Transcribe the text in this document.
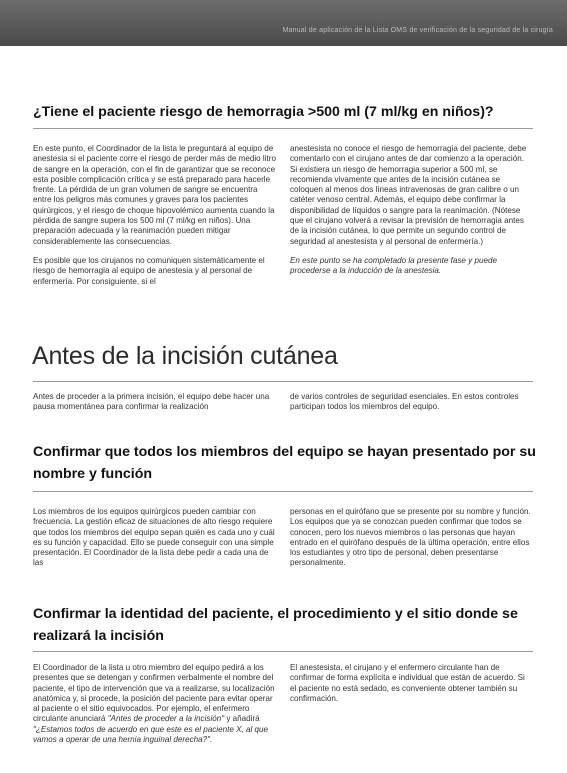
Manual de aplicación de la Lista OMS de verificación de la seguridad de la cirugía
¿Tiene el paciente riesgo de hemorragia >500 ml (7 ml/kg en niños)?

En este punto, el Coordinador de la lista le preguntará al equipo de anestesia si el paciente corre el riesgo de perder más de medio litro de sangre en la operación, con el fin de garantizar que se reconoce esta posible complicación crítica y se está preparado para hacerle frente. La pérdida de un gran volumen de sangre se encuentra entre los peligros más comunes y graves para los pacientes quirúrgicos, y el riesgo de choque hipovolémico aumenta cuando la pérdida de sangre supera los 500 ml (7 ml/kg en niños). Una preparación adecuada y la reanimación pueden mitigar considerablemente las consecuencias.

Es posible que los cirujanos no comuniquen sistemáticamente el riesgo de hemorragia al equipo de anestesia y al personal de enfermería. Por consiguiente, si el

anestesista no conoce el riesgo de hemorragia del paciente, debe comentarlo con el cirujano antes de dar comienzo a la operación. Si existiera un riesgo de hemorragia superior a 500 ml, se recomienda vivamente que antes de la incisión cutánea se coloquen al menos dos líneas intravenosas de gran calibre o un catéter venoso central. Además, el equipo debe confirmar la disponibilidad de líquidos o sangre para la reanimación. (Nótese que el cirujano volverá a revisar la previsión de hemorragia antes de la incisión cutánea, lo que permite un segundo control de seguridad al anestesista y al personal de enfermería.)

En este punto se ha completado la presente fase y puede procederse a la inducción de la anestesia.

Antes de la incisión cutánea

Antes de proceder a la primera incisión, el equipo debe hacer una pausa momentánea para confirmar la realización

de varios controles de seguridad esenciales. En estos controles participan todos los miembros del equipo.

Confirmar que todos los miembros del equipo se hayan presentado por su
nombre y función

Los miembros de los equipos quirúrgicos pueden cambiar con frecuencia. La gestión eficaz de situaciones de alto riesgo requiere que todos los miembros del equipo sepan quién es cada uno y cuál es su función y capacidad. Ello se puede conseguir con una simple presentación. El Coordinador de la lista debe pedir a cada una de las

personas en el quirófano que se presente por su nombre y función. Los equipos que ya se conozcan pueden confirmar que todos se conocen, pero los nuevos miembros o las personas que hayan entrado en el quirófano después de la última operación, entre ellos los estudiantes y otro tipo de personal, deben presentarse personalmente.

Confirmar la identidad del paciente, el procedimiento y el sitio donde se
realizará la incisión

El Coordinador de la lista u otro miembro del equipo pedirá a los presentes que se detengan y confirmen verbalmente el nombre del paciente, el tipo de intervención que va a realizarse, su localización anatómica y, si procede, la posición del paciente para evitar operar al paciente o el sitio equivocados. Por ejemplo, el enfermero circulante anunciará "Antes de proceder a la incisión" y añadirá "¿Estamos todos de acuerdo en que este es el paciente X, al que vamos a operar de una hernia inguinal derecha?".

El anestesista, el cirujano y el enfermero circulante han de confirmar de forma explícita e individual que están de acuerdo. Si el paciente no está sedado, es conveniente obtener también su confirmación.
